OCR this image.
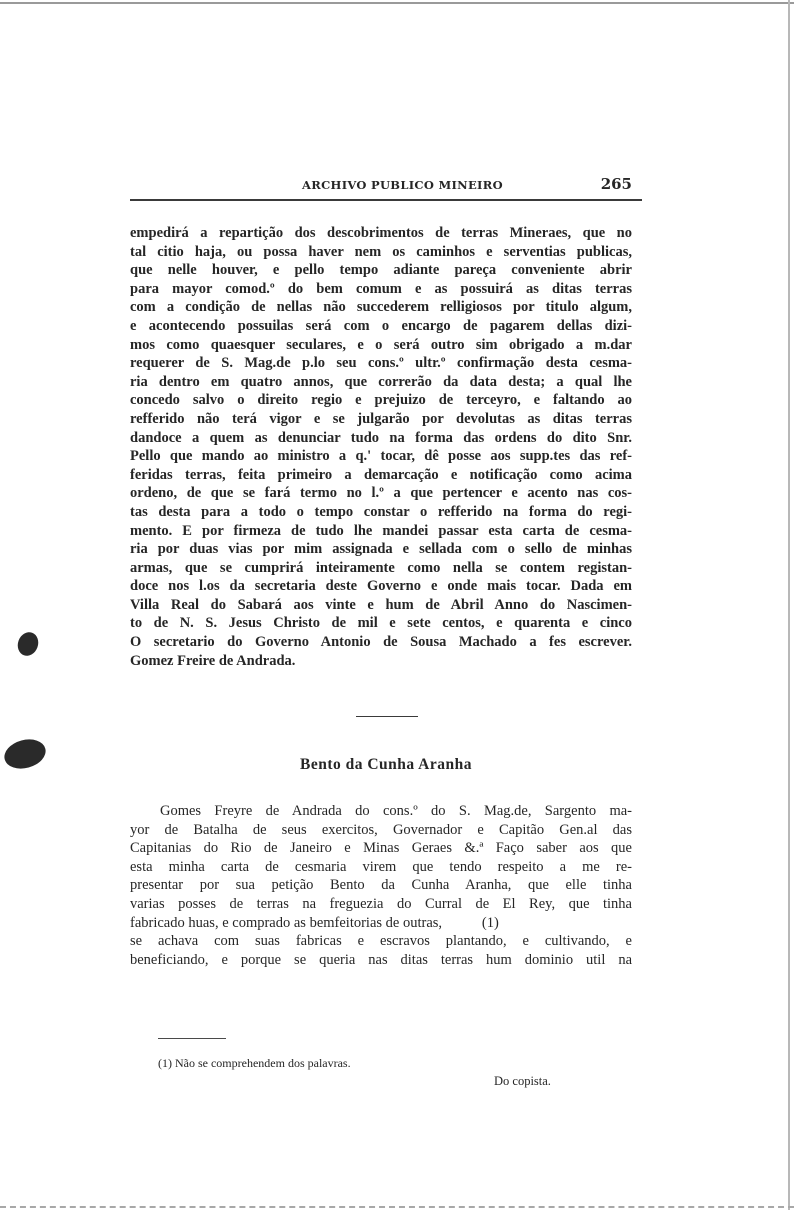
ARCHIVO PUBLICO MINEIRO	265
empedirá a repartição dos descobrimentos de terras Mineraes, que no
tal citio haja, ou possa haver nem os caminhos e serventias publicas,
que nelle houver, e pello tempo adiante pareça conveniente abrir
para mayor comod.º do bem comum e as possuirá as ditas terras
com a condição de nellas não succederem relligiosos por titulo algum,
e acontecendo possuilas será com o encargo de pagarem dellas dizi-
mos como quaesquer seculares, e o será outro sim obrigado a m.dar
requerer de S. Mag.de p.lo seu cons.º ultr.º confirmação desta cesma-
ria dentro em quatro annos, que correrão da data desta; a qual lhe
concedo salvo o direito regio e prejuizo de terceyro, e faltando ao
refferido não terá vigor e se julgarão por devolutas as ditas terras
dandoce a quem as denunciar tudo na forma das ordens do dito Snr.
Pello que mando ao ministro a q.' tocar, dê posse aos supp.tes das ref-
feridas terras, feita primeiro a demarcação e notificação como acima
ordeno, de que se fará termo no l.º a que pertencer e acento nas cos-
tas desta para a todo o tempo constar o refferido na forma do regi-
mento. E por firmeza de tudo lhe mandei passar esta carta de cesma-
ria por duas vias por mim assignada e sellada com o sello de minhas
armas, que se cumprirá inteiramente como nella se contem registan-
doce nos l.os da secretaria deste Governo e onde mais tocar. Dada em
Villa Real do Sabará aos vinte e hum de Abril Anno do Nascimen-
to de N. S. Jesus Christo de mil e sete centos, e quarenta e cinco
O secretario do Governo Antonio de Sousa Machado a fes escrever.
Gomez Freire de Andrada.
Bento da Cunha Aranha
Gomes Freyre de Andrada do cons.º do S. Mag.de, Sargento ma-
yor de Batalha de seus exercitos, Governador e Capitão Gen.al das
Capitanias do Rio de Janeiro e Minas Geraes &.ª Faço saber aos que
esta minha carta de cesmaria virem que tendo respeito a me re-
presentar por sua petição Bento da Cunha Aranha, que elle tinha
varias posses de terras na freguezia do Curral de El Rey, que tinha
fabricado huas, e comprado as bemfeitorias de outras,           (1)
se achava com suas fabricas e escravos plantando, e cultivando, e
beneficiando, e porque se queria nas ditas terras hum dominio util na
(1) Não se comprehendem dos palavras.
Do copista.
